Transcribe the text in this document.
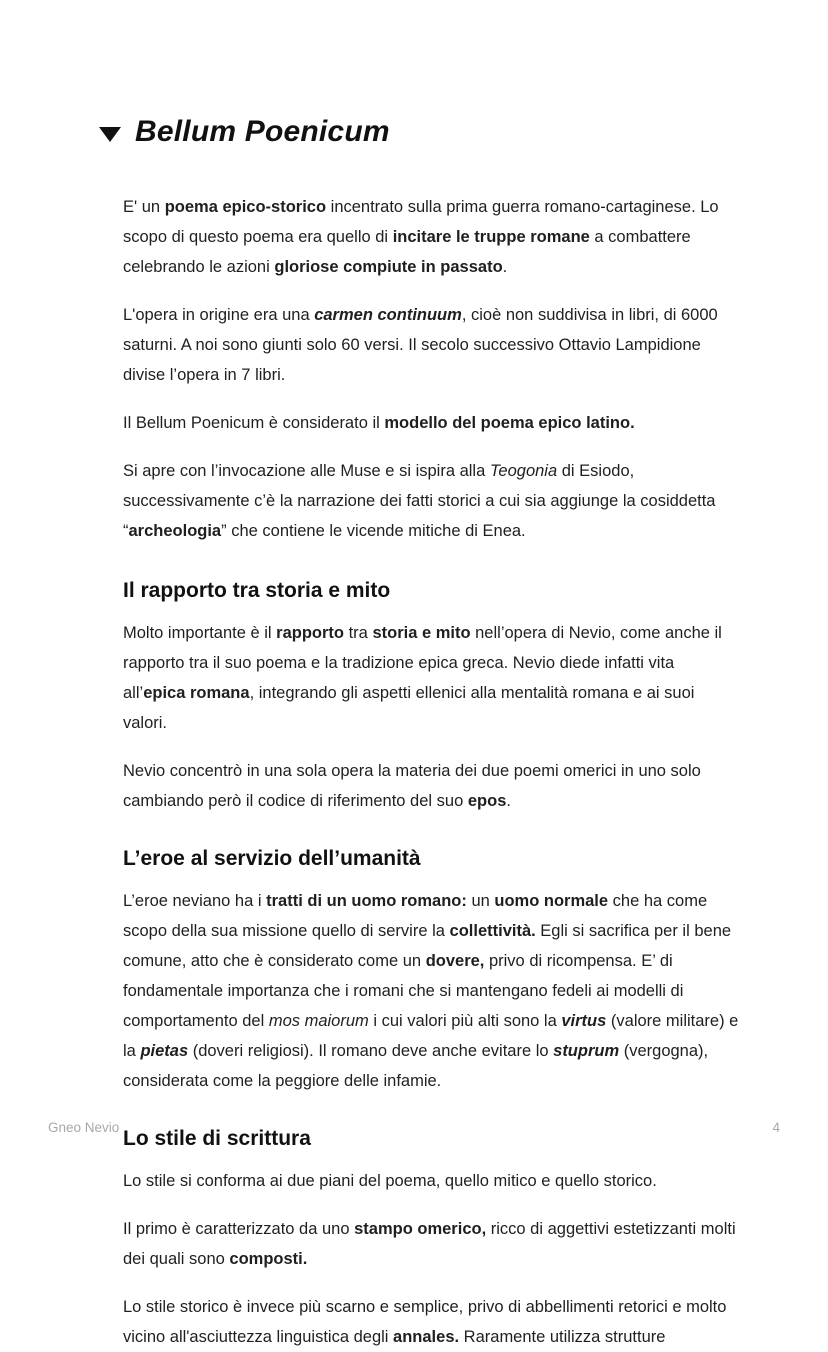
Bellum Poenicum

E' un poema epico-storico incentrato sulla prima guerra romano-cartaginese. Lo scopo di questo poema era quello di incitare le truppe romane a combattere celebrando le azioni gloriose compiute in passato.

L'opera in origine era una carmen continuum, cioè non suddivisa in libri, di 6000 saturni. A noi sono giunti solo 60 versi. Il secolo successivo Ottavio Lampidione divise l’opera in 7 libri.

Il Bellum Poenicum è considerato il modello del poema epico latino.

Si apre con l’invocazione alle Muse e si ispira alla Teogonia di Esiodo, successivamente c’è la narrazione dei fatti storici a cui sia aggiunge la cosiddetta “archeologia” che contiene le vicende mitiche di Enea.

Il rapporto tra storia e mito

Molto importante è il rapporto tra storia e mito nell’opera di Nevio, come anche il rapporto tra il suo poema e la tradizione epica greca. Nevio diede infatti vita all’epica romana, integrando gli aspetti ellenici alla mentalità romana e ai suoi valori.

Nevio concentrò in una sola opera la materia dei due poemi omerici in uno solo cambiando però il codice di riferimento del suo epos.

L’eroe al servizio dell’umanità

L’eroe neviano ha i tratti di un uomo romano: un uomo normale che ha come scopo della sua missione quello di servire la collettività. Egli si sacrifica per il bene comune, atto che è considerato come un dovere, privo di ricompensa. E’ di fondamentale importanza che i romani che si mantengano fedeli ai modelli di comportamento del mos maiorum i cui valori più alti sono la virtus (valore militare) e la pietas (doveri religiosi). Il romano deve anche evitare lo stuprum (vergogna), considerata come la peggiore delle infamie.

Lo stile di scrittura

Lo stile si conforma ai due piani del poema, quello mitico e quello storico.

Il primo è caratterizzato da uno stampo omerico, ricco di aggettivi estetizzanti molti dei quali sono composti.

Lo stile storico è invece più scarno e semplice, privo di abbellimenti retorici e molto vicino all'asciuttezza linguistica degli annales. Raramente utilizza strutture

Gneo Nevio	4
